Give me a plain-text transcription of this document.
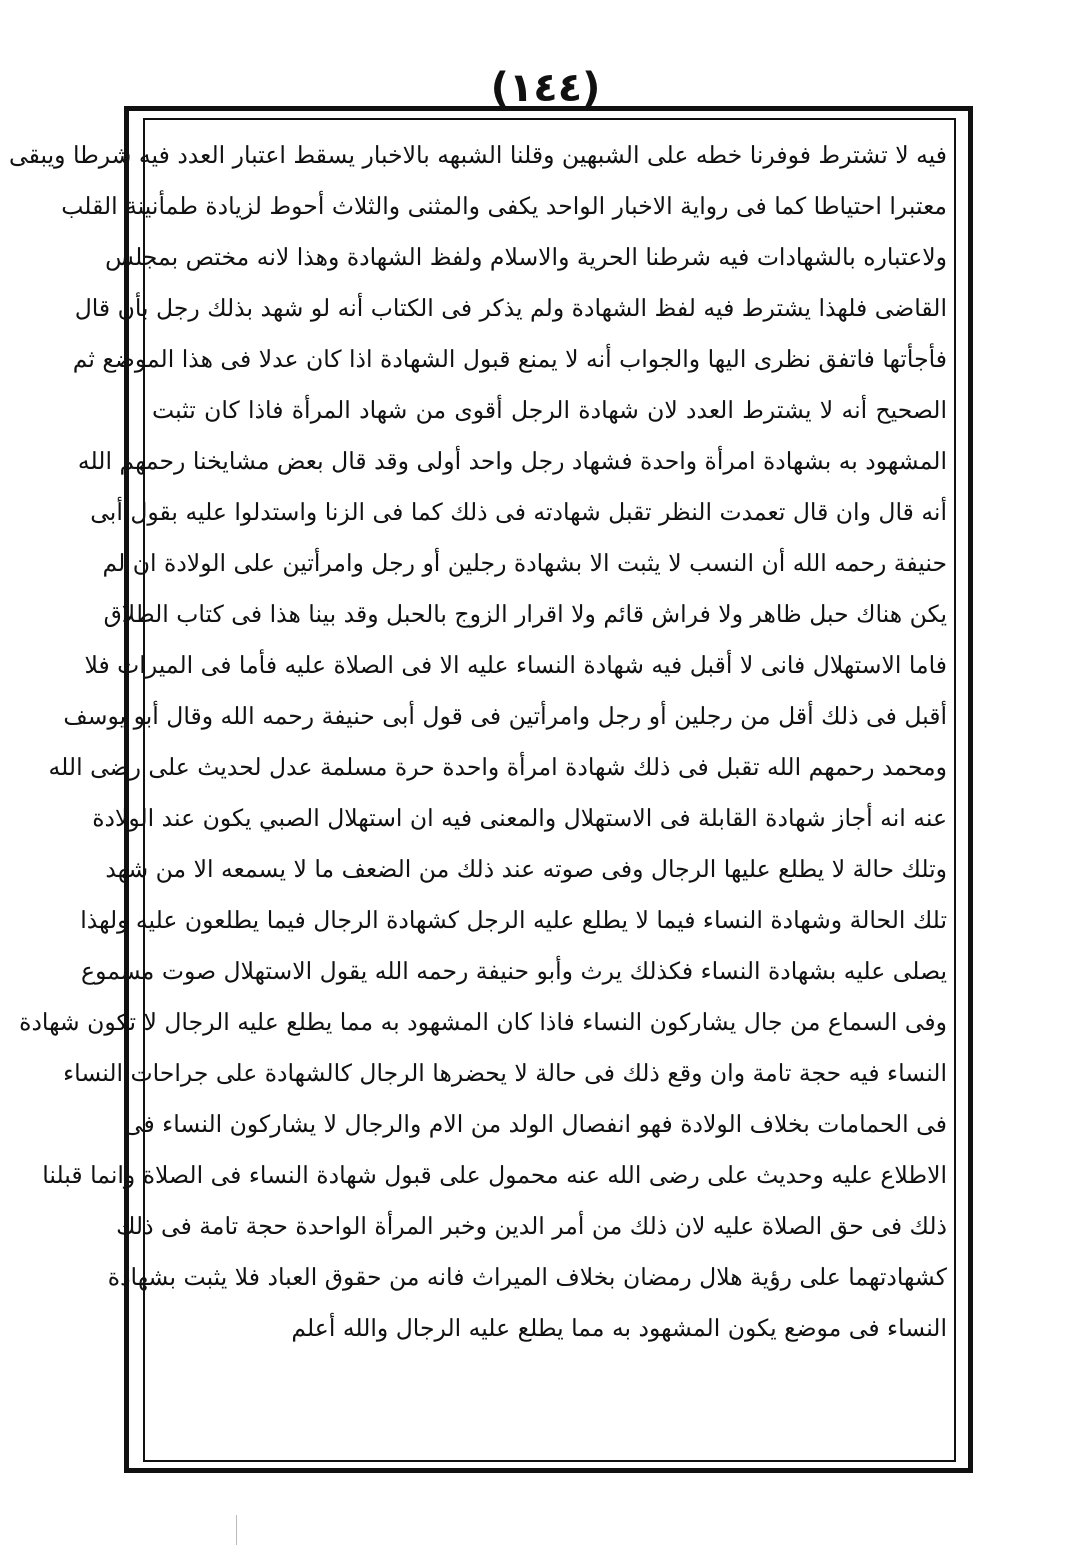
(١٤٤)
فيه لا تشترط فوفرنا خطه على الشبهين وقلنا الشبهه بالاخبار يسقط اعتبار العدد فيه شرطا ويبقى
معتبرا احتياطا كما فى رواية الاخبار الواحد يكفى والمثنى والثلاث أحوط لزيادة طمأنينة القلب
ولاعتباره بالشهادات فيه شرطنا الحرية والاسلام ولفظ الشهادة وهذا لانه مختص بمجلس
القاضى فلهذا يشترط فيه لفظ الشهادة ولم يذكر فى الكتاب أنه لو شهد بذلك رجل بأن قال
فأجأتها فاتفق نظرى اليها والجواب أنه لا يمنع قبول الشهادة اذا كان عدلا فى هذا الموضع ثم
الصحيح أنه لا يشترط العدد لان شهادة الرجل أقوى من شهاد المرأة فاذا كان تثبت
المشهود به بشهادة امرأة واحدة فشهاد رجل واحد أولى وقد قال بعض مشايخنا رحمهم الله
أنه قال وان قال تعمدت النظر تقبل شهادته فى ذلك كما فى الزنا واستدلوا عليه بقول أبى
حنيفة رحمه الله أن النسب لا يثبت الا بشهادة رجلين أو رجل وامرأتين على الولادة ان لم
يكن هناك حبل ظاهر ولا فراش قائم ولا اقرار الزوج بالحبل وقد بينا هذا فى كتاب الطلاق
فاما الاستهلال فانى لا أقبل فيه شهادة النساء عليه الا فى الصلاة عليه فأما فى الميراث فلا
أقبل فى ذلك أقل من رجلين أو رجل وامرأتين فى قول أبى حنيفة رحمه الله وقال أبو يوسف
ومحمد رحمهم الله تقبل فى ذلك شهادة امرأة واحدة حرة مسلمة عدل لحديث على رضى الله
عنه انه أجاز شهادة القابلة فى الاستهلال والمعنى فيه ان استهلال الصبي يكون عند الولادة
وتلك حالة لا يطلع عليها الرجال وفى صوته عند ذلك من الضعف ما لا يسمعه الا من شهد
تلك الحالة وشهادة النساء فيما لا يطلع عليه الرجل كشهادة الرجال فيما يطلعون عليه ولهذا
يصلى عليه بشهادة النساء فكذلك يرث وأبو حنيفة رحمه الله يقول الاستهلال صوت مسموع
وفى السماع من جال يشاركون النساء فاذا كان المشهود به مما يطلع عليه الرجال لا تكون شهادة
النساء فيه حجة تامة وان وقع ذلك فى حالة لا يحضرها الرجال كالشهادة على جراحات النساء
فى الحمامات بخلاف الولادة فهو انفصال الولد من الام والرجال لا يشاركون النساء فى
الاطلاع عليه وحديث على رضى الله عنه محمول على قبول شهادة النساء فى الصلاة وانما قبلنا
ذلك فى حق الصلاة عليه لان ذلك من أمر الدين وخبر المرأة الواحدة حجة تامة فى ذلك
كشهادتهما على رؤية هلال رمضان بخلاف الميراث فانه من حقوق العباد فلا يثبت بشهادة
النساء فى موضع يكون المشهود به مما يطلع عليه الرجال والله أعلم
